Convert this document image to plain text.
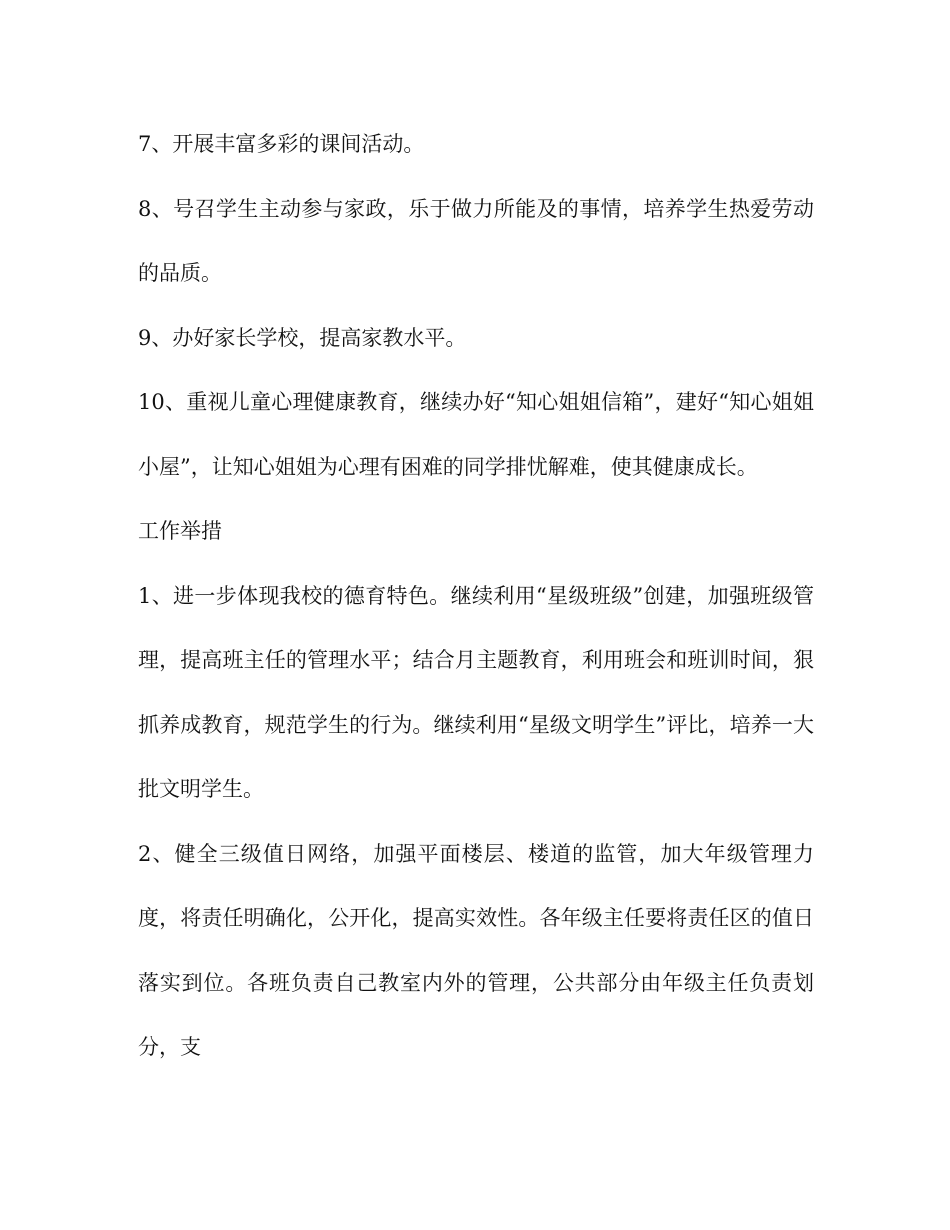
7、开展丰富多彩的课间活动。

8、号召学生主动参与家政，乐于做力所能及的事情，培养学生热爱劳动的品质。

9、办好家长学校，提高家教水平。

10、重视儿童心理健康教育，继续办好“知心姐姐信箱”，建好“知心姐姐小屋”，让知心姐姐为心理有困难的同学排忧解难，使其健康成长。

工作举措

1、进一步体现我校的德育特色。继续利用“星级班级”创建，加强班级管理，提高班主任的管理水平；结合月主题教育，利用班会和班训时间，狠抓养成教育，规范学生的行为。继续利用“星级文明学生”评比，培养一大批文明学生。

2、健全三级值日网络，加强平面楼层、楼道的监管，加大年级管理力度，将责任明确化，公开化，提高实效性。各年级主任要将责任区的值日落实到位。各班负责自己教室内外的管理，公共部分由年级主任负责划分，支
